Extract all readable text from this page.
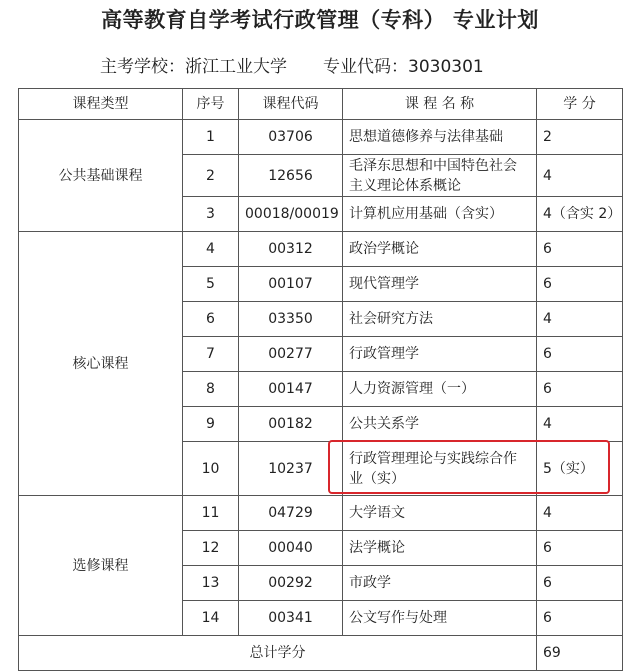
高等教育自学考试行政管理（专科） 专业计划
主考学校：浙江工业大学 专业代码：3030301
课程类型	序号	课程代码	课 程 名 称	学 分
公共基础课程	1	03706	思想道德修养与法律基础	2
	2	12656	毛泽东思想和中国特色社会主义理论体系概论	4
	3	00018/00019	计算机应用基础（含实）	4（含实 2）
核心课程	4	00312	政治学概论	6
	5	00107	现代管理学	6
	6	03350	社会研究方法	4
	7	00277	行政管理学	6
	8	00147	人力资源管理（一）	6
	9	00182	公共关系学	4
	10	10237	行政管理理论与实践综合作业（实）	5（实）
选修课程	11	04729	大学语文	4
	12	00040	法学概论	6
	13	00292	市政学	6
	14	00341	公文写作与处理	6
总计学分				69
